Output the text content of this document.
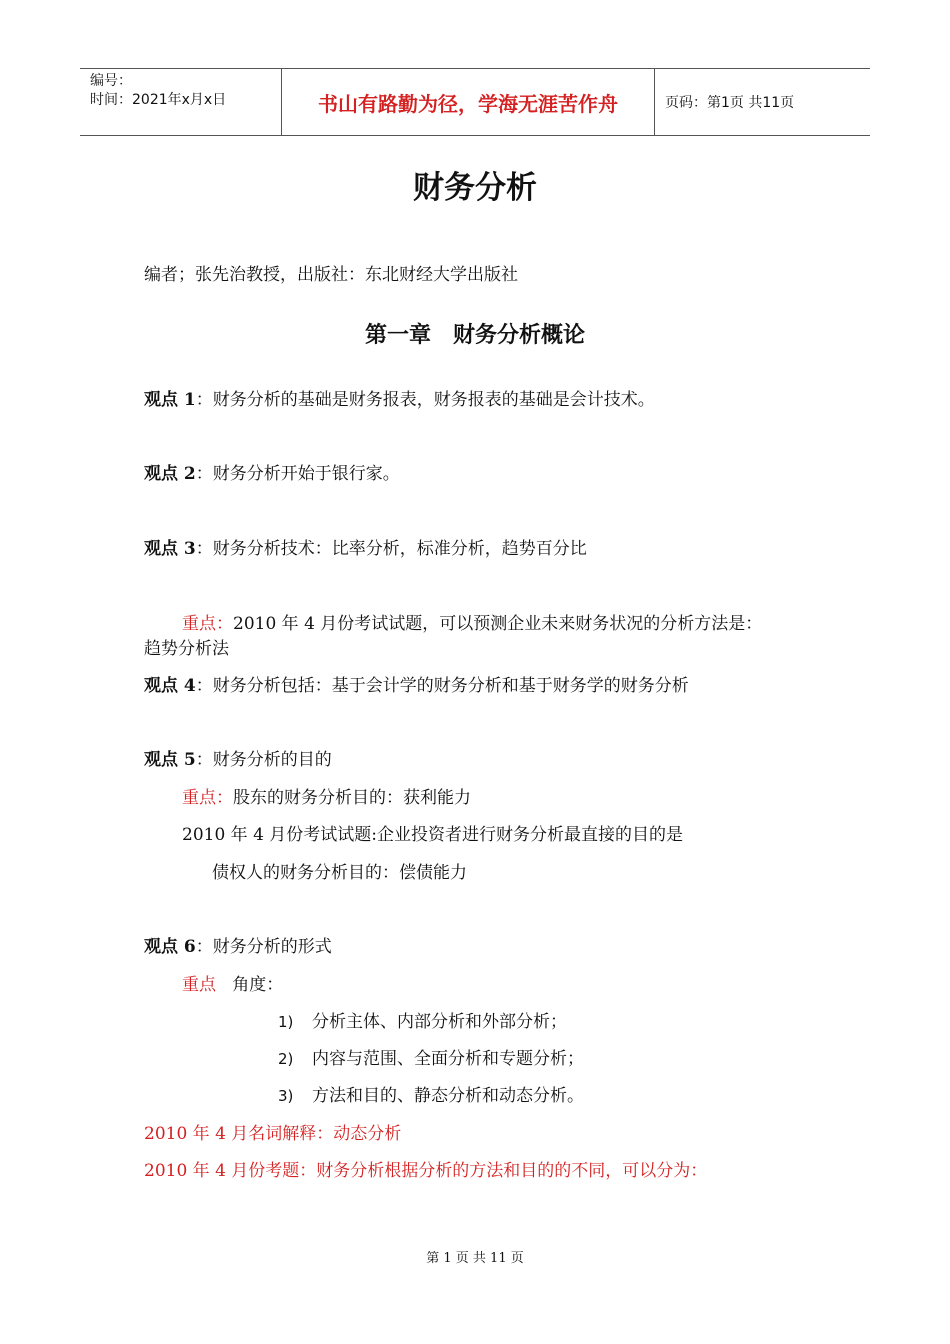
编号：
时间：2021年x月x日	书山有路勤为径，学海无涯苦作舟	页码：第1页 共11页
财务分析
编者；张先治教授，出版社：东北财经大学出版社
第一章　财务分析概论
观点 1：财务分析的基础是财务报表，财务报表的基础是会计技术。
观点 2：财务分析开始于银行家。
观点 3：财务分析技术：比率分析，标准分析，趋势百分比
重点：2010 年 4 月份考试试题，可以预测企业未来财务状况的分析方法是：
趋势分析法
观点 4：财务分析包括：基于会计学的财务分析和基于财务学的财务分析
观点 5：财务分析的目的
重点：股东的财务分析目的：获利能力
2010 年 4 月份考试试题:企业投资者进行财务分析最直接的目的是
债权人的财务分析目的：偿债能力
观点 6：财务分析的形式
重点 角度：
1) 分析主体、内部分析和外部分析；
2) 内容与范围、全面分析和专题分析；
3) 方法和目的、静态分析和动态分析。
2010 年 4 月名词解释：动态分析
2010 年 4 月份考题：财务分析根据分析的方法和目的的不同，可以分为：
第 1 页 共 11 页
